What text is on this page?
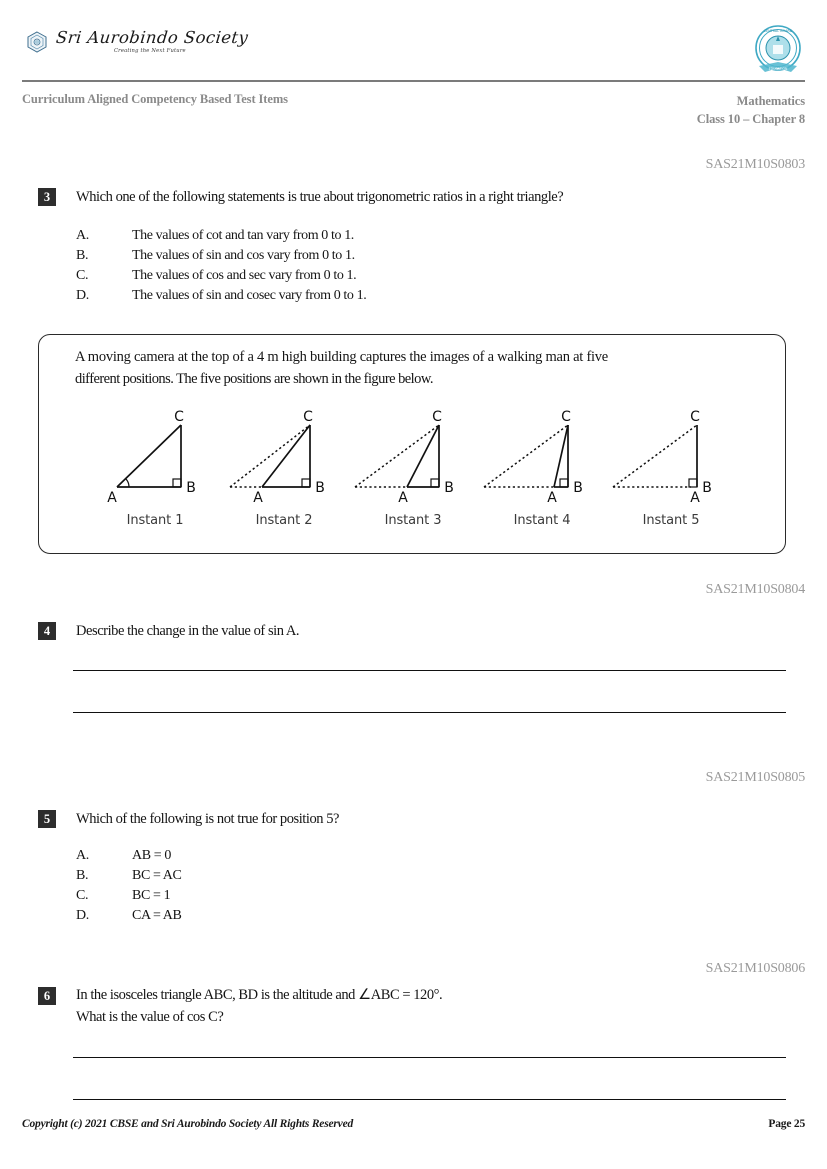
Sri Aurobindo Society
Creating the Next Future
CENTRAL BOARD
EDUCATION
Curriculum Aligned Competency Based Test Items	Mathematics
Class 10 – Chapter 8
SAS21M10S0803
3	Which one of the following statements is true about trigonometric ratios in a right triangle?
A.	The values of cot and tan vary from 0 to 1.
B.	The values of sin and cos vary from 0 to 1.
C.	The values of cos and sec vary from 0 to 1.
D.	The values of sin and cosec vary from 0 to 1.
A moving camera at the top of a 4 m high building captures the images of a walking man at five
different positions. The five positions are shown in the figure below.
C
A
B
Instant 1
C
A
B
Instant 2
C
A
B
Instant 3
C
A
B
Instant 4
C
A
B
Instant 5
SAS21M10S0804
4	Describe the change in the value of sin A.
SAS21M10S0805
5	Which of the following is not true for position 5?
A.	AB = 0
B.	BC = AC
C.	BC = 1
D.	CA = AB
SAS21M10S0806
6	In the isosceles triangle ABC, BD is the altitude and ∠ABC = 120°.
What is the value of cos C?
Copyright (c) 2021 CBSE and Sri Aurobindo Society All Rights Reserved	Page 25
